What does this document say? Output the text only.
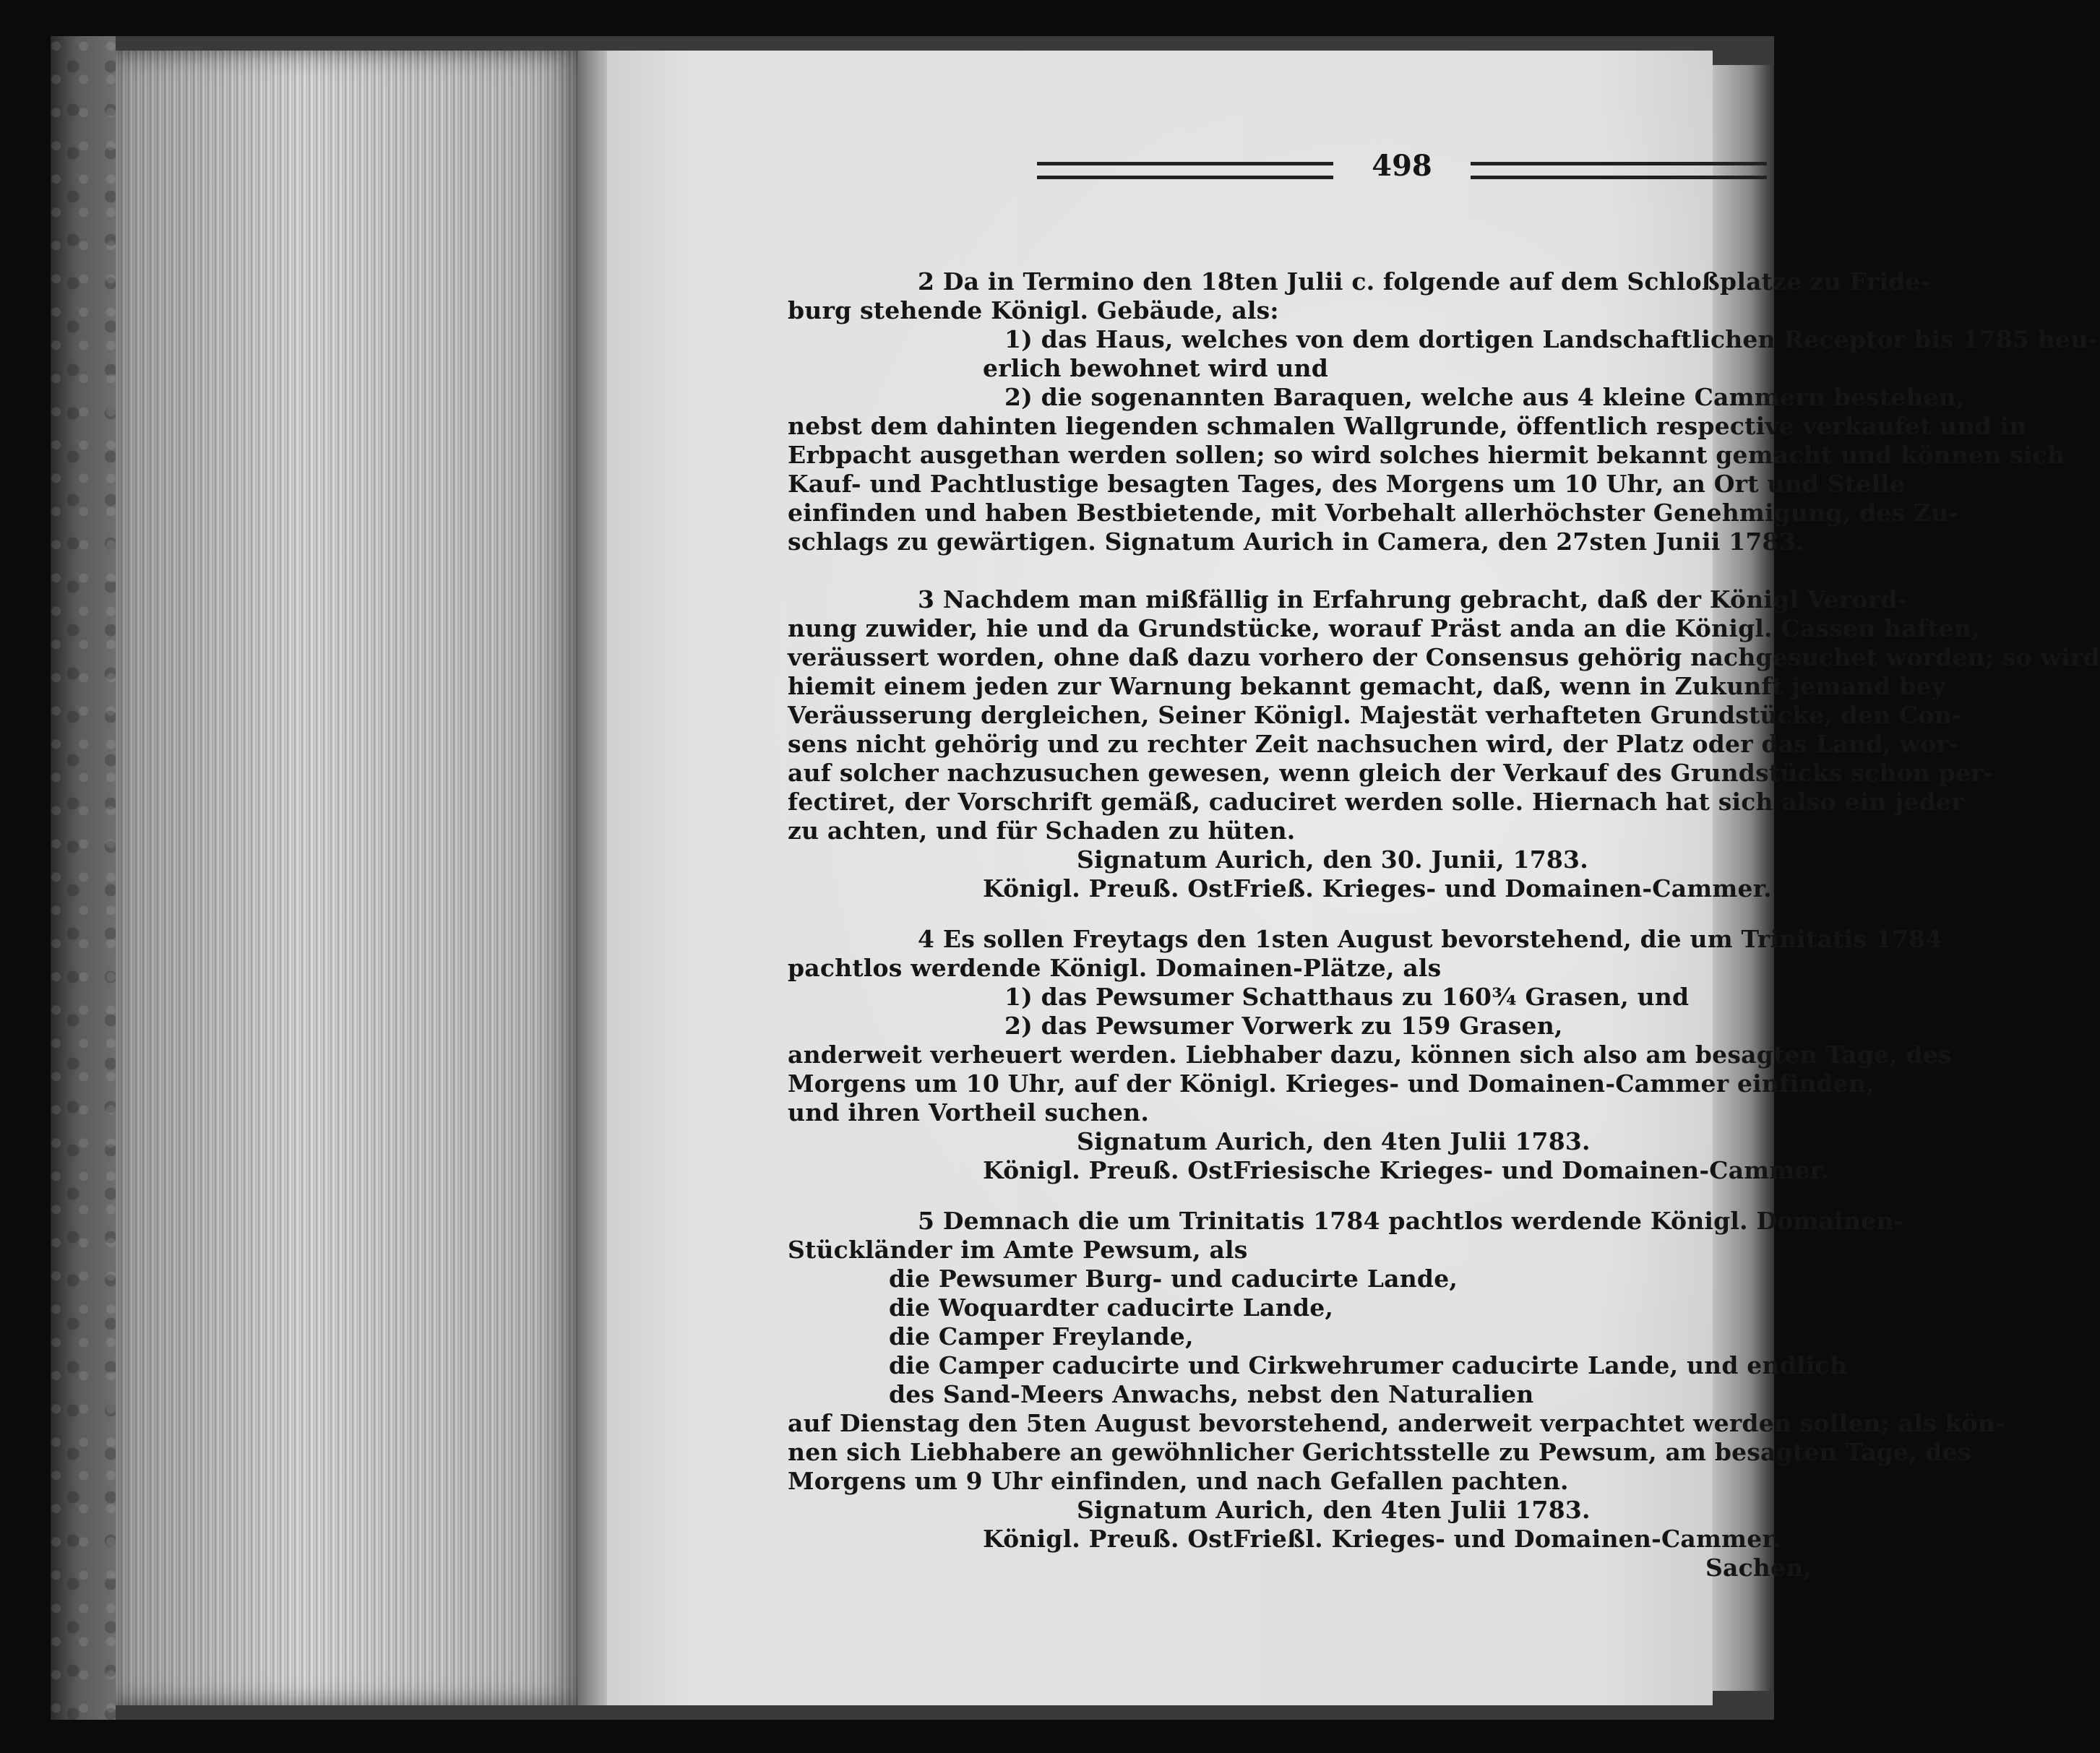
498
2 Da in Termino den 18ten Julii c. folgende auf dem Schloßplatze zu Fride-
burg stehende Königl. Gebäude, als:
1) das Haus, welches von dem dortigen Landschaftlichen Receptor bis 1785 heu-
erlich bewohnet wird und
2) die sogenannten Baraquen, welche aus 4 kleine Cammern bestehen,
nebst dem dahinten liegenden schmalen Wallgrunde, öffentlich respective verkaufet und in
Erbpacht ausgethan werden sollen; so wird solches hiermit bekannt gemacht und können sich
Kauf- und Pachtlustige besagten Tages, des Morgens um 10 Uhr, an Ort und Stelle
einfinden und haben Bestbietende, mit Vorbehalt allerhöchster Genehmigung, des Zu-
schlags zu gewärtigen. Signatum Aurich in Camera, den 27sten Junii 1783.
3 Nachdem man mißfällig in Erfahrung gebracht, daß der Königl Verord-
nung zuwider, hie und da Grundstücke, worauf Präst anda an die Königl. Cassen haften,
veräussert worden, ohne daß dazu vorhero der Consensus gehörig nachgesuchet worden; so wird
hiemit einem jeden zur Warnung bekannt gemacht, daß, wenn in Zukunft jemand bey
Veräusserung dergleichen, Seiner Königl. Majestät verhafteten Grundstücke, den Con-
sens nicht gehörig und zu rechter Zeit nachsuchen wird, der Platz oder das Land, wor-
auf solcher nachzusuchen gewesen, wenn gleich der Verkauf des Grundstücks schon per-
fectiret, der Vorschrift gemäß, caduciret werden solle. Hiernach hat sich also ein jeder
zu achten, und für Schaden zu hüten.
Signatum Aurich, den 30. Junii, 1783.
Königl. Preuß. OstFrieß. Krieges- und Domainen-Cammer.
4 Es sollen Freytags den 1sten August bevorstehend, die um Trinitatis 1784
pachtlos werdende Königl. Domainen-Plätze, als
1) das Pewsumer Schatthaus zu 160¾ Grasen, und
2) das Pewsumer Vorwerk zu 159 Grasen,
anderweit verheuert werden. Liebhaber dazu, können sich also am besagten Tage, des
Morgens um 10 Uhr, auf der Königl. Krieges- und Domainen-Cammer einfinden,
und ihren Vortheil suchen.
Signatum Aurich, den 4ten Julii 1783.
Königl. Preuß. OstFriesische Krieges- und Domainen-Cammer.
5 Demnach die um Trinitatis 1784 pachtlos werdende Königl. Domainen-
Stückländer im Amte Pewsum, als
die Pewsumer Burg- und caducirte Lande,
die Woquardter caducirte Lande,
die Camper Freylande,
die Camper caducirte und Cirkwehrumer caducirte Lande, und endlich
des Sand-Meers Anwachs, nebst den Naturalien
auf Dienstag den 5ten August bevorstehend, anderweit verpachtet werden sollen; als kön-
nen sich Liebhabere an gewöhnlicher Gerichtsstelle zu Pewsum, am besagten Tage, des
Morgens um 9 Uhr einfinden, und nach Gefallen pachten.
Signatum Aurich, den 4ten Julii 1783.
Königl. Preuß. OstFrießl. Krieges- und Domainen-Cammer.
Sachen,
